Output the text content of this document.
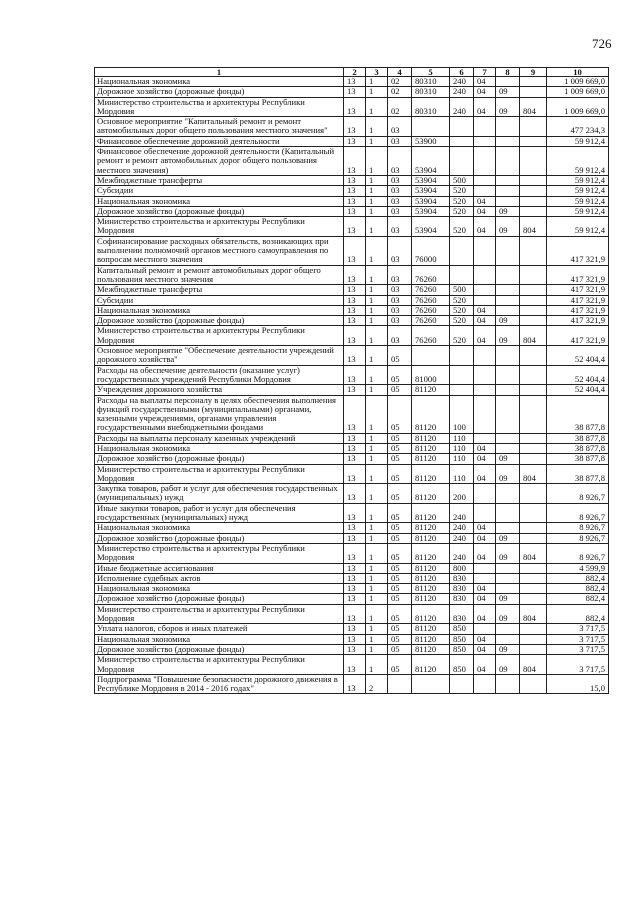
726
1	2	3	4	5	6	7	8	9	10
Национальная экономика	13	1	02	80310	240	04			1 009 669,0
Дорожное хозяйство (дорожные фонды)	13	1	02	80310	240	04	09		1 009 669,0
Министерство строительства и архитектуры Республики Мордовия	13	1	02	80310	240	04	09	804	1 009 669,0
Основное мероприятие "Капитальный ремонт и ремонт автомобильных дорог общего пользования местного значения"	13	1	03						477 234,3
Финансовое обеспечение дорожной деятельности	13	1	03	53900					59 912,4
Финансовое обеспечение дорожной деятельности (Капитальный ремонт и ремонт автомобильных дорог общего пользования местного значения)	13	1	03	53904					59 912,4
Межбюджетные трансферты	13	1	03	53904	500				59 912,4
Субсидии	13	1	03	53904	520				59 912,4
Национальная экономика	13	1	03	53904	520	04			59 912,4
Дорожное хозяйство (дорожные фонды)	13	1	03	53904	520	04	09		59 912,4
Министерство строительства и архитектуры Республики Мордовия	13	1	03	53904	520	04	09	804	59 912,4
Софинансирование расходных обязательств, возникающих при выполнении полномочий органов местного самоуправления по вопросам местного значения	13	1	03	76000					417 321,9
Капитальный ремонт и ремонт автомобильных дорог общего пользования местного значения	13	1	03	76260					417 321,9
Межбюджетные трансферты	13	1	03	76260	500				417 321,9
Субсидии	13	1	03	76260	520				417 321,9
Национальная экономика	13	1	03	76260	520	04			417 321,9
Дорожное хозяйство (дорожные фонды)	13	1	03	76260	520	04	09		417 321,9
Министерство строительства и архитектуры Республики Мордовия	13	1	03	76260	520	04	09	804	417 321,9
Основное мероприятие "Обеспечение деятельности учреждений дорожного хозяйства"	13	1	05						52 404,4
Расходы на обеспечение деятельности (оказание услуг) государственных учреждений Республики Мордовия	13	1	05	81000					52 404,4
Учреждения дорожного хозяйства	13	1	05	81120					52 404,4
Расходы на выплаты персоналу в целях обеспечения выполнения функций государственными (муниципальными) органами, казенными учреждениями, органами управления государственными внебюджетными фондами	13	1	05	81120	100				38 877,8
Расходы на выплаты персоналу казенных учреждений	13	1	05	81120	110				38 877,8
Национальная экономика	13	1	05	81120	110	04			38 877,8
Дорожное хозяйство (дорожные фонды)	13	1	05	81120	110	04	09		38 877,8
Министерство строительства и архитектуры Республики Мордовия	13	1	05	81120	110	04	09	804	38 877,8
Закупка товаров, работ и услуг для обеспечения государственных (муниципальных) нужд	13	1	05	81120	200				8 926,7
Иные закупки товаров, работ и услуг для обеспечения государственных (муниципальных) нужд	13	1	05	81120	240				8 926,7
Национальная экономика	13	1	05	81120	240	04			8 926,7
Дорожное хозяйство (дорожные фонды)	13	1	05	81120	240	04	09		8 926,7
Министерство строительства и архитектуры Республики Мордовия	13	1	05	81120	240	04	09	804	8 926,7
Иные бюджетные ассигнования	13	1	05	81120	800				4 599,9
Исполнение судебных актов	13	1	05	81120	830				882,4
Национальная экономика	13	1	05	81120	830	04			882,4
Дорожное хозяйство (дорожные фонды)	13	1	05	81120	830	04	09		882,4
Министерство строительства и архитектуры Республики Мордовия	13	1	05	81120	830	04	09	804	882,4
Уплата налогов, сборов и иных платежей	13	1	05	81120	850				3 717,5
Национальная экономика	13	1	05	81120	850	04			3 717,5
Дорожное хозяйство (дорожные фонды)	13	1	05	81120	850	04	09		3 717,5
Министерство строительства и архитектуры Республики Мордовия	13	1	05	81120	850	04	09	804	3 717,5
Подпрограмма "Повышение безопасности дорожного движения в Республике Мордовия в 2014 - 2016 годах"	13	2							15,0
